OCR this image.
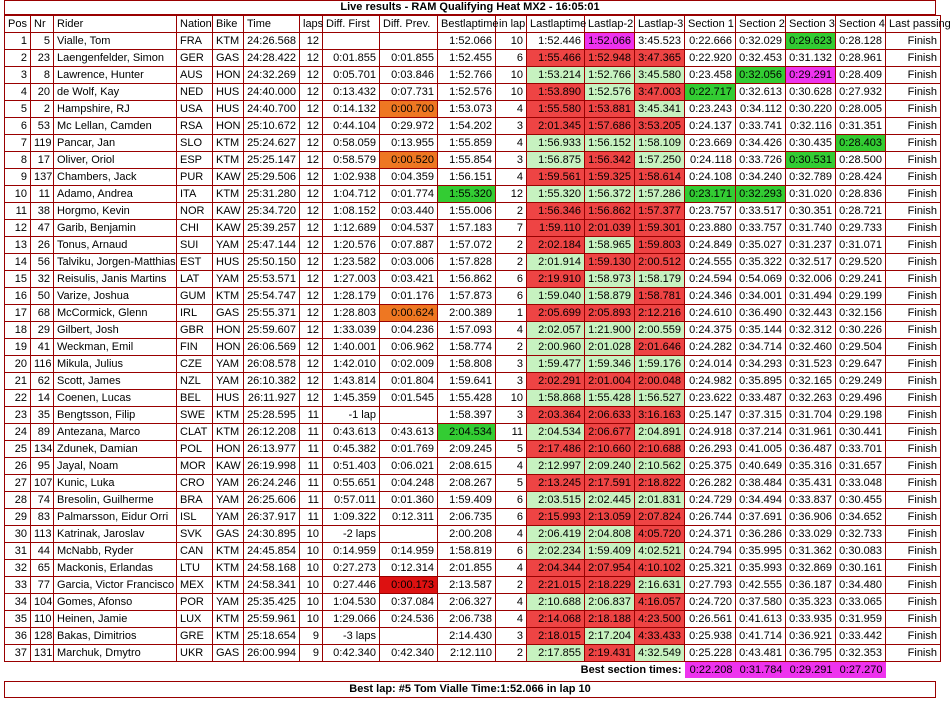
Live results - RAM Qualifying Heat MX2 - 16:05:01
Pos	Nr	Rider	Nation	Bike	Time	laps	Diff. First	Diff. Prev.	Bestlaptime	in lap	Lastlaptime	Lastlap-2	Lastlap-3	Section 1	Section 2	Section 3	Section 4	Last passing
1	5	Vialle, Tom	FRA	KTM	24:26.568	12			1:52.066	10	1:52.446	1:52.066	3:45.523	0:22.666	0:32.029	0:29.623	0:28.128	Finish
2	23	Laengenfelder, Simon	GER	GAS	24:28.422	12	0:01.855	0:01.855	1:52.455	6	1:55.466	1:52.948	3:47.365	0:22.920	0:32.453	0:31.132	0:28.961	Finish
3	8	Lawrence, Hunter	AUS	HON	24:32.269	12	0:05.701	0:03.846	1:52.766	10	1:53.214	1:52.766	3:45.580	0:23.458	0:32.056	0:29.291	0:28.409	Finish
4	20	de Wolf, Kay	NED	HUS	24:40.000	12	0:13.432	0:07.731	1:52.576	10	1:53.890	1:52.576	3:47.003	0:22.717	0:32.613	0:30.628	0:27.932	Finish
5	2	Hampshire, RJ	USA	HUS	24:40.700	12	0:14.132	0:00.700	1:53.073	4	1:55.580	1:53.881	3:45.341	0:23.243	0:34.112	0:30.220	0:28.005	Finish
6	53	Mc Lellan, Camden	RSA	HON	25:10.672	12	0:44.104	0:29.972	1:54.202	3	2:01.345	1:57.686	3:53.205	0:24.137	0:33.741	0:32.116	0:31.351	Finish
7	119	Pancar, Jan	SLO	KTM	25:24.627	12	0:58.059	0:13.955	1:55.859	4	1:56.933	1:56.152	1:58.109	0:23.669	0:34.426	0:30.435	0:28.403	Finish
8	17	Oliver, Oriol	ESP	KTM	25:25.147	12	0:58.579	0:00.520	1:55.854	3	1:56.875	1:56.342	1:57.250	0:24.118	0:33.726	0:30.531	0:28.500	Finish
9	137	Chambers, Jack	PUR	KAW	25:29.506	12	1:02.938	0:04.359	1:56.151	4	1:59.561	1:59.325	1:58.614	0:24.108	0:34.240	0:32.789	0:28.424	Finish
10	11	Adamo, Andrea	ITA	KTM	25:31.280	12	1:04.712	0:01.774	1:55.320	12	1:55.320	1:56.372	1:57.286	0:23.171	0:32.293	0:31.020	0:28.836	Finish
11	38	Horgmo, Kevin	NOR	KAW	25:34.720	12	1:08.152	0:03.440	1:55.006	2	1:56.346	1:56.862	1:57.377	0:23.757	0:33.517	0:30.351	0:28.721	Finish
12	47	Garib, Benjamin	CHI	KAW	25:39.257	12	1:12.689	0:04.537	1:57.183	7	1:59.110	2:01.039	1:59.301	0:23.880	0:33.757	0:31.740	0:29.733	Finish
13	26	Tonus, Arnaud	SUI	YAM	25:47.144	12	1:20.576	0:07.887	1:57.072	2	2:02.184	1:58.965	1:59.803	0:24.849	0:35.027	0:31.237	0:31.071	Finish
14	56	Talviku, Jorgen-Matthias	EST	HUS	25:50.150	12	1:23.582	0:03.006	1:57.828	2	2:01.914	1:59.130	2:00.512	0:24.555	0:35.322	0:32.517	0:29.520	Finish
15	32	Reisulis, Janis Martins	LAT	YAM	25:53.571	12	1:27.003	0:03.421	1:56.862	6	2:19.910	1:58.973	1:58.179	0:24.594	0:54.069	0:32.006	0:29.241	Finish
16	50	Varize, Joshua	GUM	KTM	25:54.747	12	1:28.179	0:01.176	1:57.873	6	1:59.040	1:58.879	1:58.781	0:24.346	0:34.001	0:31.494	0:29.199	Finish
17	68	McCormick, Glenn	IRL	GAS	25:55.371	12	1:28.803	0:00.624	2:00.389	1	2:05.699	2:05.893	2:12.216	0:24.610	0:36.490	0:32.443	0:32.156	Finish
18	29	Gilbert, Josh	GBR	HON	25:59.607	12	1:33.039	0:04.236	1:57.093	4	2:02.057	1:21.900	2:00.559	0:24.375	0:35.144	0:32.312	0:30.226	Finish
19	41	Weckman, Emil	FIN	HON	26:06.569	12	1:40.001	0:06.962	1:58.774	2	2:00.960	2:01.028	2:01.646	0:24.282	0:34.714	0:32.460	0:29.504	Finish
20	116	Mikula, Julius	CZE	YAM	26:08.578	12	1:42.010	0:02.009	1:58.808	3	1:59.477	1:59.346	1:59.176	0:24.014	0:34.293	0:31.523	0:29.647	Finish
21	62	Scott, James	NZL	YAM	26:10.382	12	1:43.814	0:01.804	1:59.641	3	2:02.291	2:01.004	2:00.048	0:24.982	0:35.895	0:32.165	0:29.249	Finish
22	14	Coenen, Lucas	BEL	HUS	26:11.927	12	1:45.359	0:01.545	1:55.428	10	1:58.868	1:55.428	1:56.527	0:23.622	0:33.487	0:32.263	0:29.496	Finish
23	35	Bengtsson, Filip	SWE	KTM	25:28.595	11	-1 lap		1:58.397	3	2:03.364	2:06.633	3:16.163	0:25.147	0:37.315	0:31.704	0:29.198	Finish
24	89	Antezana, Marco	CLAT	KTM	26:12.208	11	0:43.613	0:43.613	2:04.534	11	2:04.534	2:06.677	2:04.891	0:24.918	0:37.214	0:31.961	0:30.441	Finish
25	134	Zdunek, Damian	POL	HON	26:13.977	11	0:45.382	0:01.769	2:09.245	5	2:17.486	2:10.660	2:10.688	0:26.293	0:41.005	0:36.487	0:33.701	Finish
26	95	Jayal, Noam	MOR	KAW	26:19.998	11	0:51.403	0:06.021	2:08.615	4	2:12.997	2:09.240	2:10.562	0:25.375	0:40.649	0:35.316	0:31.657	Finish
27	107	Kunic, Luka	CRO	YAM	26:24.246	11	0:55.651	0:04.248	2:08.267	5	2:13.245	2:17.591	2:18.822	0:26.282	0:38.484	0:35.431	0:33.048	Finish
28	74	Bresolin, Guilherme	BRA	YAM	26:25.606	11	0:57.011	0:01.360	1:59.409	6	2:03.515	2:02.445	2:01.831	0:24.729	0:34.494	0:33.837	0:30.455	Finish
29	83	Palmarsson, Eidur Orri	ISL	YAM	26:37.917	11	1:09.322	0:12.311	2:06.735	6	2:15.993	2:13.059	2:07.824	0:26.744	0:37.691	0:36.906	0:34.652	Finish
30	113	Katrinak, Jaroslav	SVK	GAS	24:30.895	10	-2 laps		2:00.208	4	2:06.419	2:04.808	4:05.720	0:24.371	0:36.286	0:33.029	0:32.733	Finish
31	44	McNabb, Ryder	CAN	KTM	24:45.854	10	0:14.959	0:14.959	1:58.819	6	2:02.234	1:59.409	4:02.521	0:24.794	0:35.995	0:31.362	0:30.083	Finish
32	65	Mackonis, Erlandas	LTU	KTM	24:58.168	10	0:27.273	0:12.314	2:01.855	4	2:04.344	2:07.954	4:10.102	0:25.321	0:35.993	0:32.869	0:30.161	Finish
33	77	Garcia, Victor Francisco	MEX	KTM	24:58.341	10	0:27.446	0:00.173	2:13.587	2	2:21.015	2:18.229	2:16.631	0:27.793	0:42.555	0:36.187	0:34.480	Finish
34	104	Gomes, Afonso	POR	YAM	25:35.425	10	1:04.530	0:37.084	2:06.327	4	2:10.688	2:06.837	4:16.057	0:24.720	0:37.580	0:35.323	0:33.065	Finish
35	110	Heinen, Jamie	LUX	KTM	25:59.961	10	1:29.066	0:24.536	2:06.738	4	2:14.068	2:18.188	4:23.500	0:26.561	0:41.613	0:33.935	0:31.959	Finish
36	128	Bakas, Dimitrios	GRE	KTM	25:18.654	9	-3 laps		2:14.430	3	2:18.015	2:17.204	4:33.433	0:25.938	0:41.714	0:36.921	0:33.442	Finish
37	131	Marchuk, Dmytro	UKR	GAS	26:00.994	9	0:42.340	0:42.340	2:12.110	2	2:17.855	2:19.431	4:32.549	0:25.228	0:43.481	0:36.795	0:32.353	Finish
Best section times:														0:22.208	0:31.784	0:29.291	0:27.270	
Best lap: #5 Tom Vialle Time:1:52.066 in lap 10
